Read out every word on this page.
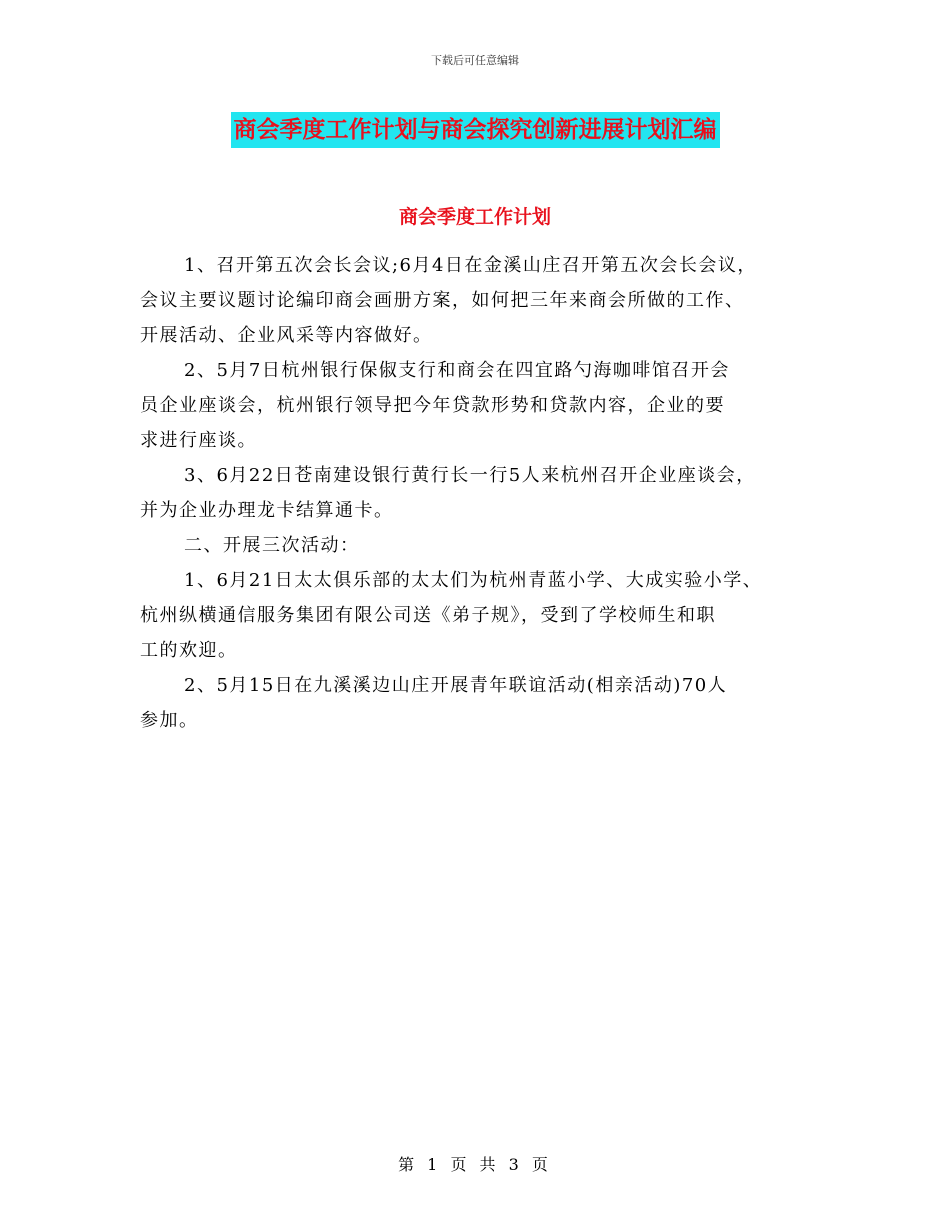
下载后可任意编辑
商会季度工作计划与商会探究创新进展计划汇编
商会季度工作计划

1、召开第五次会长会议;6月4日在金溪山庄召开第五次会长会议，
会议主要议题讨论编印商会画册方案，如何把三年来商会所做的工作、
开展活动、企业风采等内容做好。

2、5月7日杭州银行保俶支行和商会在四宜路勺海咖啡馆召开会
员企业座谈会，杭州银行领导把今年贷款形势和贷款内容，企业的要
求进行座谈。

3、6月22日苍南建设银行黄行长一行5人来杭州召开企业座谈会，
并为企业办理龙卡结算通卡。

二、开展三次活动：

1、6月21日太太俱乐部的太太们为杭州青蓝小学、大成实验小学、
杭州纵横通信服务集团有限公司送《弟子规》，受到了学校师生和职
工的欢迎。

2、5月15日在九溪溪边山庄开展青年联谊活动(相亲活动)70人
参加。

第 1 页 共 3 页
